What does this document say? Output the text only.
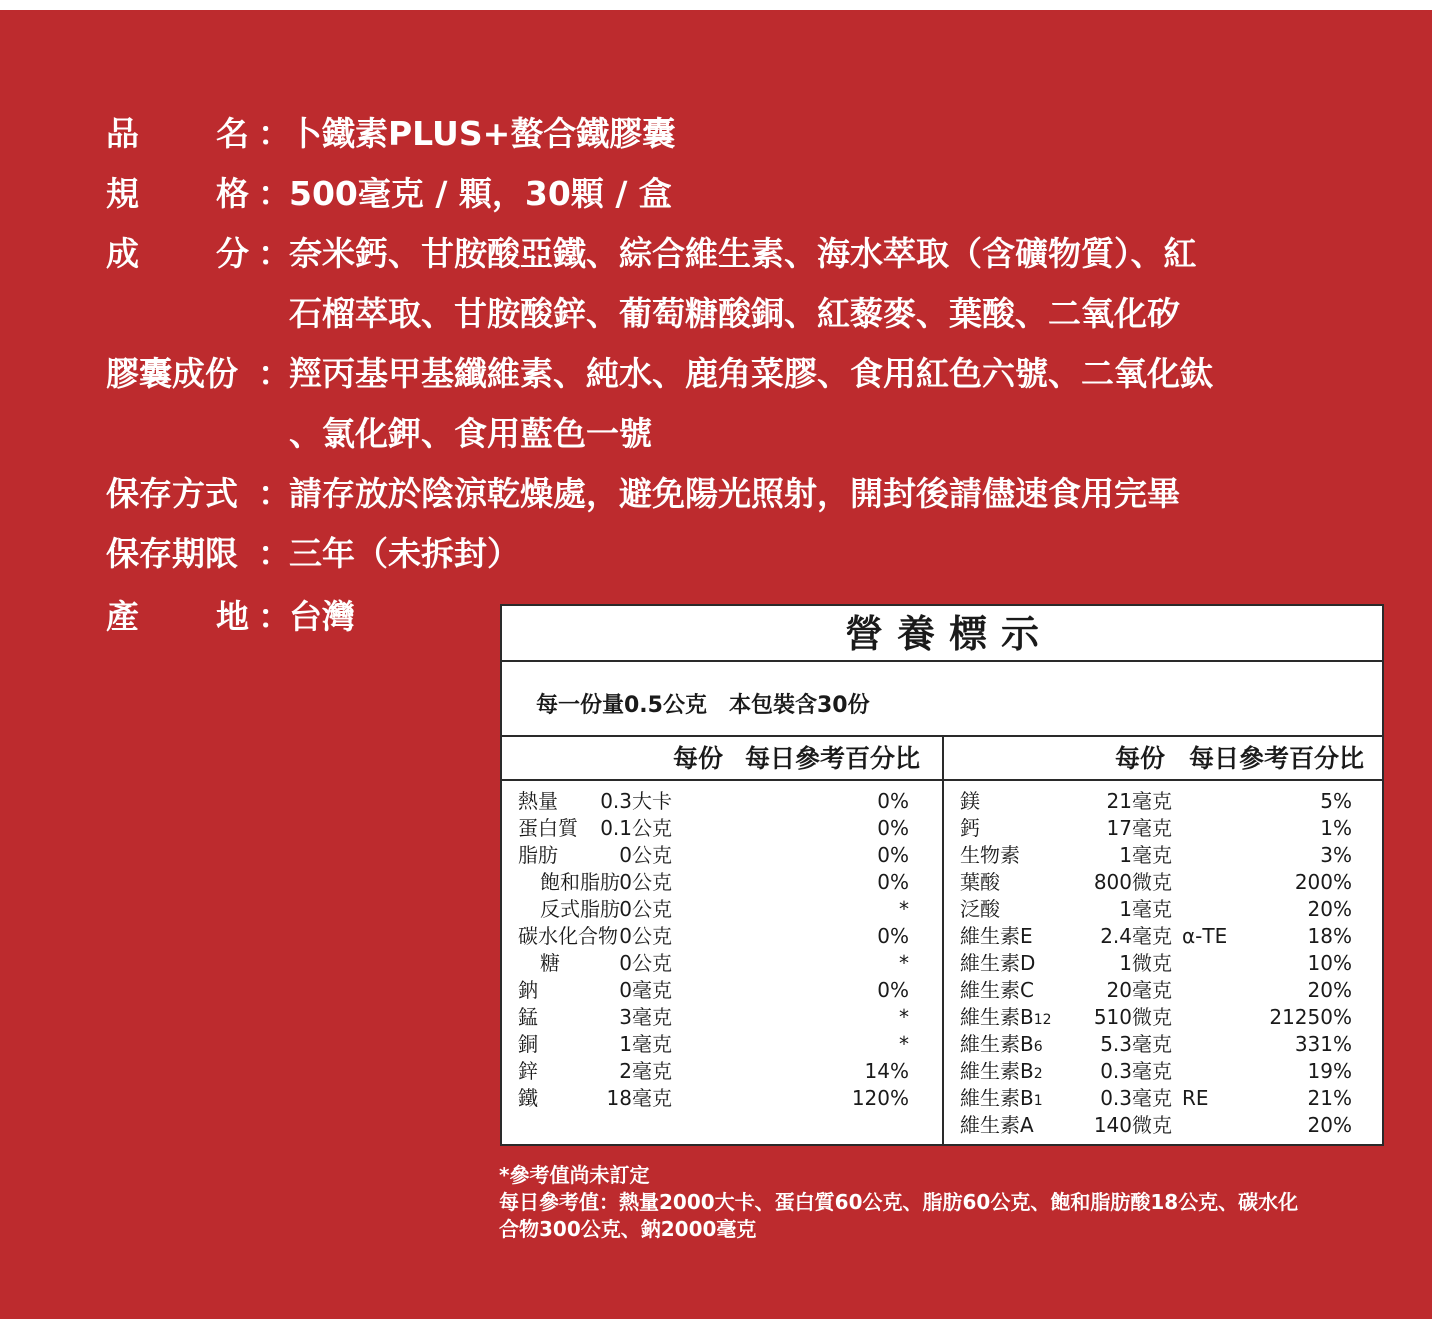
品 名 ：
卜鐵素PLUS+螯合鐵膠囊
規 格 ：
500毫克 / 顆，30顆 / 盒
成 分 ：
奈米鈣、甘胺酸亞鐵、綜合維生素、海水萃取（含礦物質）、紅
石榴萃取、甘胺酸鋅、葡萄糖酸銅、紅藜麥、葉酸、二氧化矽
膠囊成份 ：
羥丙基甲基纖維素、純水、鹿角菜膠、食用紅色六號、二氧化鈦
、氯化鉀、食用藍色一號
保存方式 ：
請存放於陰涼乾燥處，避免陽光照射，開封後請儘速食用完畢
保存期限 ：
三年（未拆封）
產 地 ：
台灣	營養標示
每一份量0.5公克　本包裝含30份
每份 每日參考百分比	每份 每日參考百分比
熱量 0.3大卡	0%
蛋白質 0.1公克	0%
脂肪	0公克	0%
飽和脂肪 0公克	0%
反式脂肪 0公克	*
碳水化合物 0公克	0%
糖	0公克	*
鈉	0毫克	0%
錳	3毫克	*
銅	1毫克	*
鋅	2毫克	14%
鐵	18毫克	120%
鎂	21毫克	5%
鈣	17毫克	1%
生物素	1毫克	3%
葉酸	800微克	200%
泛酸	1毫克	20%
維生素E	2.4毫克 α-TE	18%
維生素D	1微克	10%
維生素C	20毫克	20%
維生素B12 510微克	21250%
維生素B6	5.3毫克	331%
維生素B2	0.3毫克	19%
維生素B1	0.3毫克 RE	21%
維生素A	140微克	20%
*參考值尚未訂定
每日參考值：熱量2000大卡、蛋白質60公克、脂肪60公克、飽和脂肪酸18公克、碳水化
合物300公克、鈉2000毫克
